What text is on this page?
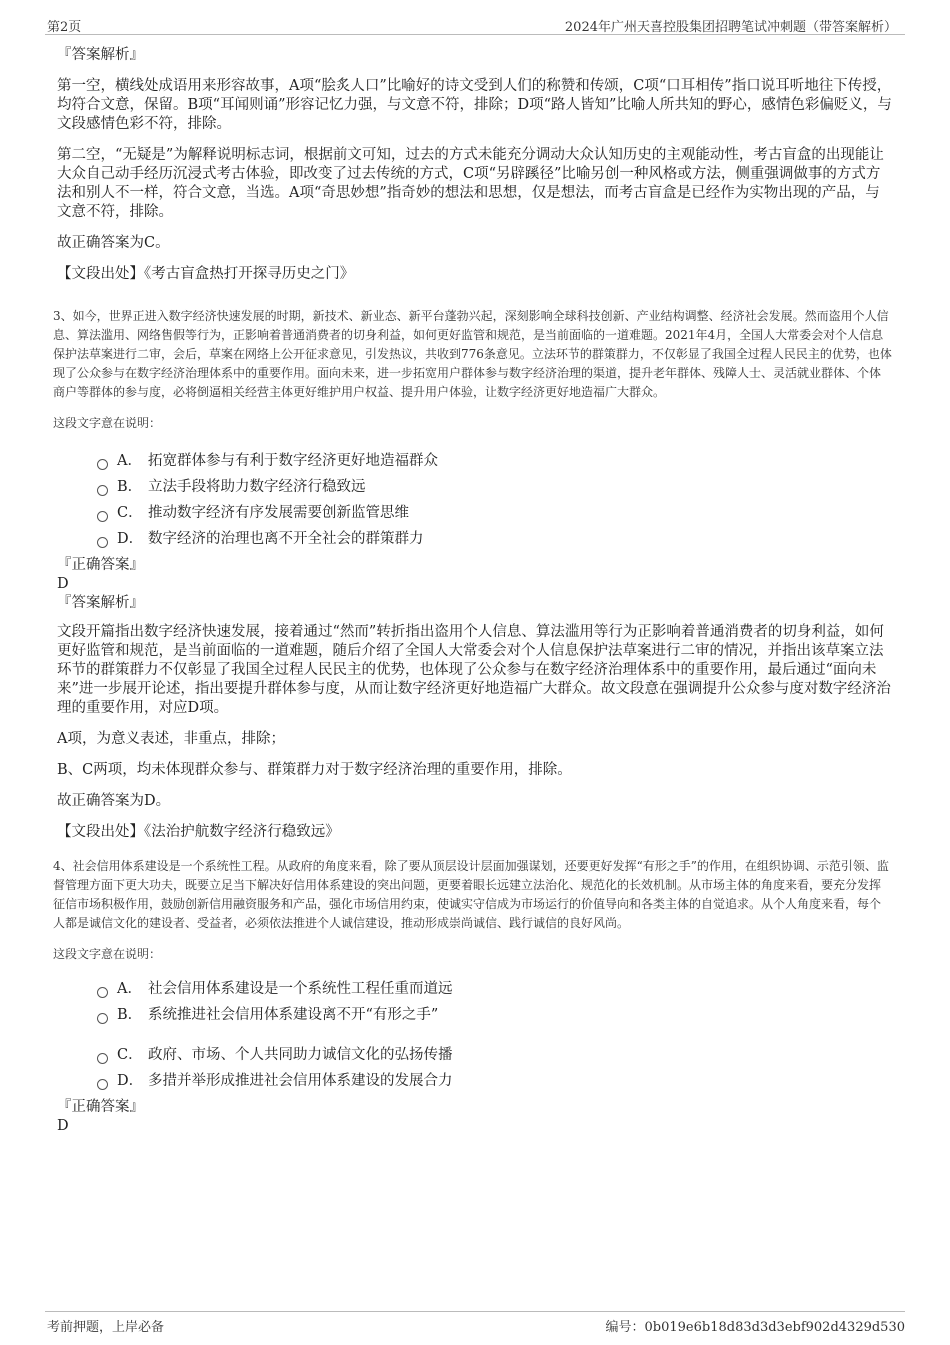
第2页	2024年广州天喜控股集团招聘笔试冲刺题（带答案解析）

『答案解析』

第一空，横线处成语用来形容故事，A项“脍炙人口”比喻好的诗文受到人们的称赞和传颂，C项“口耳相传”指口说耳听地往下传授，均符合文意，保留。B项“耳闻则诵”形容记忆力强，与文意不符，排除；D项“路人皆知”比喻人所共知的野心，感情色彩偏贬义，与文段感情色彩不符，排除。

第二空，“无疑是”为解释说明标志词，根据前文可知，过去的方式未能充分调动大众认知历史的主观能动性，考古盲盒的出现能让大众自己动手经历沉浸式考古体验，即改变了过去传统的方式，C项“另辟蹊径”比喻另创一种风格或方法，侧重强调做事的方式方法和别人不一样，符合文意，当选。A项“奇思妙想”指奇妙的想法和思想，仅是想法，而考古盲盒是已经作为实物出现的产品，与文意不符，排除。

故正确答案为C。

【文段出处】《考古盲盒热打开探寻历史之门》

3、如今，世界正进入数字经济快速发展的时期，新技术、新业态、新平台蓬勃兴起，深刻影响全球科技创新、产业结构调整、经济社会发展。然而盗用个人信息、算法滥用、网络售假等行为，正影响着普通消费者的切身利益，如何更好监管和规范，是当前面临的一道难题。2021年4月，全国人大常委会对个人信息保护法草案进行二审，会后，草案在网络上公开征求意见，引发热议，共收到776条意见。立法环节的群策群力，不仅彰显了我国全过程人民民主的优势，也体现了公众参与在数字经济治理体系中的重要作用。面向未来，进一步拓宽用户群体参与数字经济治理的渠道，提升老年群体、残障人士、灵活就业群体、个体商户等群体的参与度，必将倒逼相关经营主体更好维护用户权益、提升用户体验，让数字经济更好地造福广大群众。

这段文字意在说明：

A． 拓宽群体参与有利于数字经济更好地造福群众
B． 立法手段将助力数字经济行稳致远
C． 推动数字经济有序发展需要创新监管思维
D． 数字经济的治理也离不开全社会的群策群力

『正确答案』

D

『答案解析』

文段开篇指出数字经济快速发展，接着通过“然而”转折指出盗用个人信息、算法滥用等行为正影响着普通消费者的切身利益，如何更好监管和规范，是当前面临的一道难题，随后介绍了全国人大常委会对个人信息保护法草案进行二审的情况，并指出该草案立法环节的群策群力不仅彰显了我国全过程人民民主的优势，也体现了公众参与在数字经济治理体系中的重要作用，最后通过“面向未来”进一步展开论述，指出要提升群体参与度，从而让数字经济更好地造福广大群众。故文段意在强调提升公众参与度对数字经济治理的重要作用，对应D项。

A项，为意义表述，非重点，排除；

B、C两项，均未体现群众参与、群策群力对于数字经济治理的重要作用，排除。

故正确答案为D。

【文段出处】《法治护航数字经济行稳致远》

4、社会信用体系建设是一个系统性工程。从政府的角度来看，除了要从顶层设计层面加强谋划，还要更好发挥“有形之手”的作用，在组织协调、示范引领、监督管理方面下更大功夫，既要立足当下解决好信用体系建设的突出问题，更要着眼长远建立法治化、规范化的长效机制。从市场主体的角度来看，要充分发挥征信市场积极作用，鼓励创新信用融资服务和产品，强化市场信用约束，使诚实守信成为市场运行的价值导向和各类主体的自觉追求。从个人角度来看，每个人都是诚信文化的建设者、受益者，必须依法推进个人诚信建设，推动形成崇尚诚信、践行诚信的良好风尚。

这段文字意在说明：

A． 社会信用体系建设是一个系统性工程任重而道远
B． 系统推进社会信用体系建设离不开“有形之手”
C． 政府、市场、个人共同助力诚信文化的弘扬传播
D． 多措并举形成推进社会信用体系建设的发展合力

『正确答案』

D

考前押题，上岸必备	编号：0b019e6b18d83d3d3ebf902d4329d530
